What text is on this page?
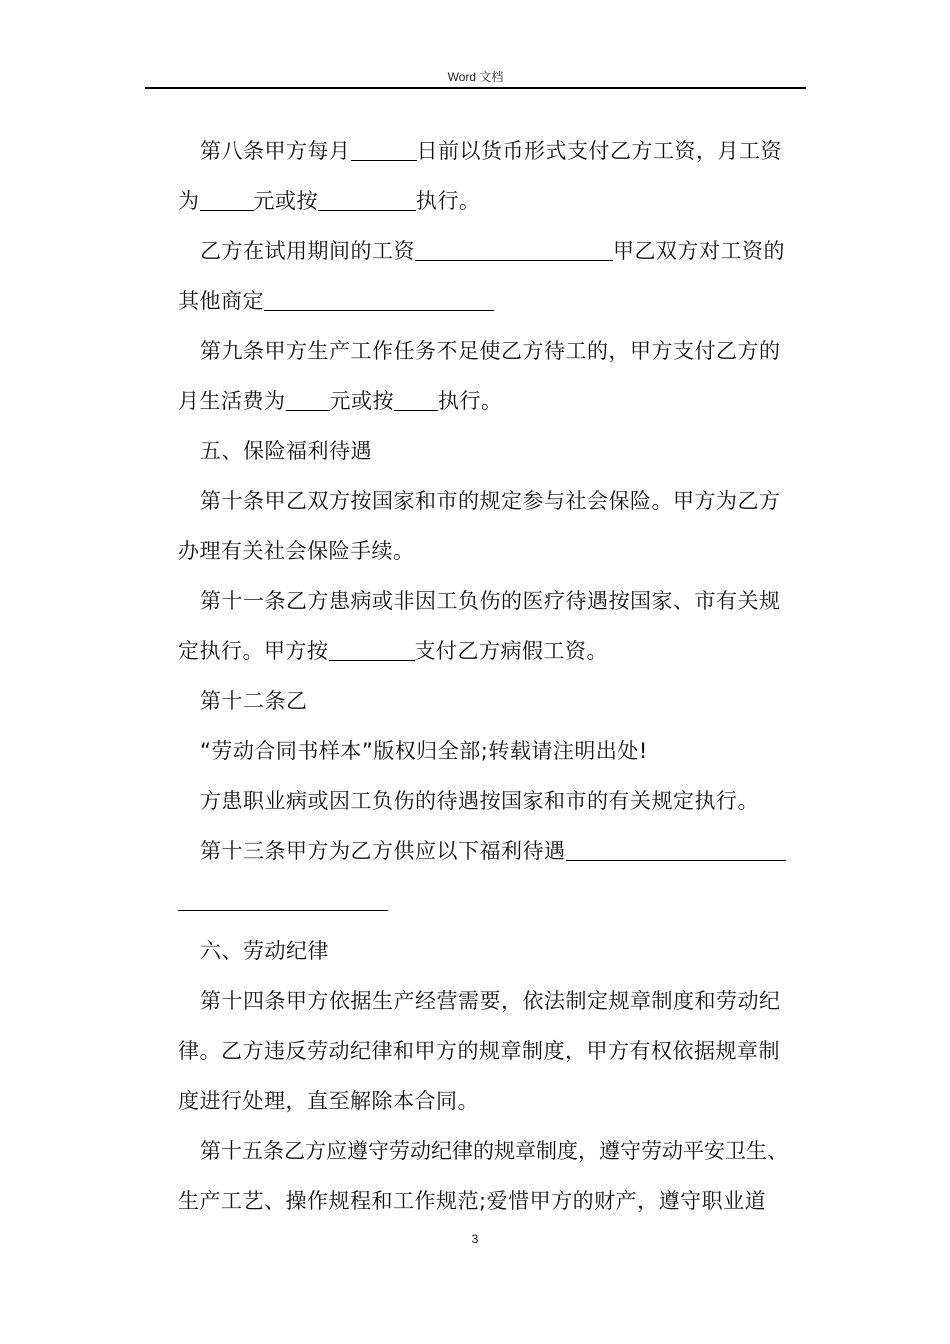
Word 文档
第八条甲方每月	日前以货币形式支付乙方工资，月工资
为	元或按	执行。
乙方在试用期间的工资	甲乙双方对工资的
其他商定
第九条甲方生产工作任务不足使乙方待工的，甲方支付乙方的
月生活费为 元或按 执行。
五、保险福利待遇
第十条甲乙双方按国家和市的规定参与社会保险。甲方为乙方
办理有关社会保险手续。
第十一条乙方患病或非因工负伤的医疗待遇按国家、市有关规
定执行。甲方按	支付乙方病假工资。
第十二条乙
“劳动合同书样本”版权归全部;转载请注明出处!
方患职业病或因工负伤的待遇按国家和市的有关规定执行。
第十三条甲方为乙方供应以下福利待遇
六、劳动纪律
第十四条甲方依据生产经营需要，依法制定规章制度和劳动纪
律。乙方违反劳动纪律和甲方的规章制度，甲方有权依据规章制
度进行处理，直至解除本合同。
第十五条乙方应遵守劳动纪律的规章制度，遵守劳动平安卫生、
生产工艺、操作规程和工作规范;爱惜甲方的财产，遵守职业道
3
